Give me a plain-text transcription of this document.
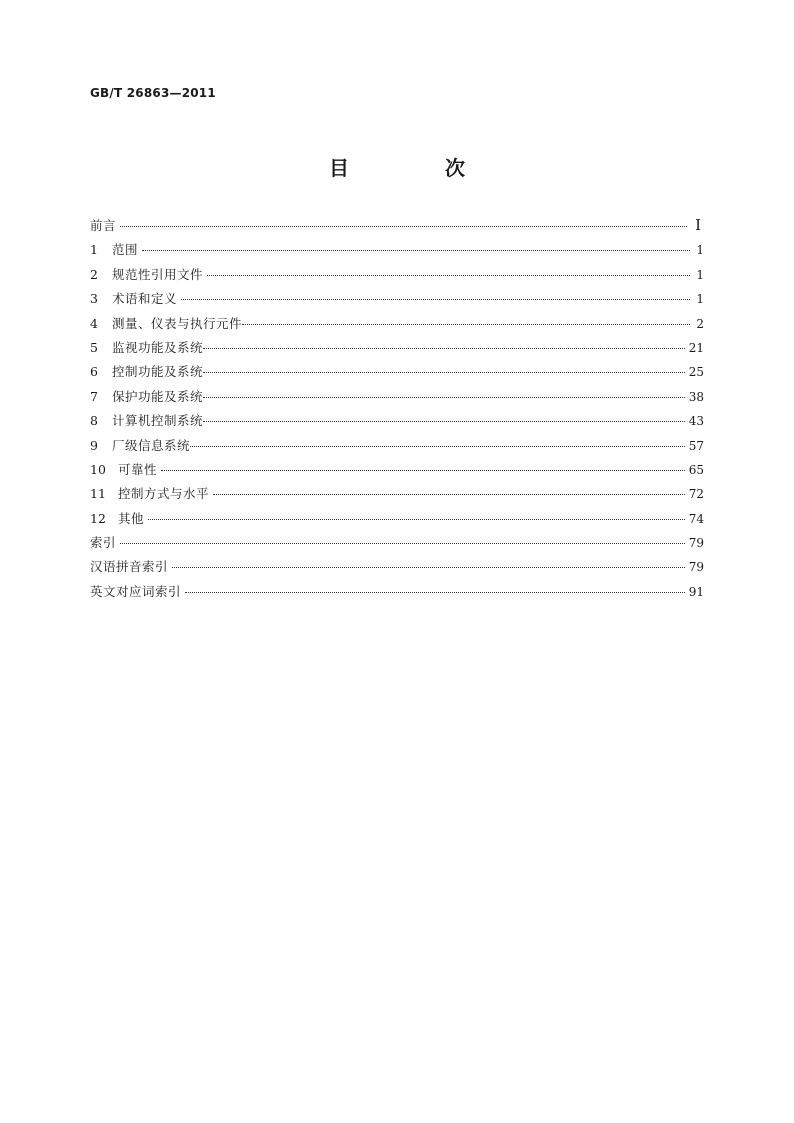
GB/T 26863—2011
目　次
前言	I
1	范围	1
2	规范性引用文件	1
3	术语和定义	1
4	测量、仪表与执行元件	2
5	监视功能及系统	21
6	控制功能及系统	25
7	保护功能及系统	38
8	计算机控制系统	43
9	厂级信息系统	57
10 可靠性	65
11 控制方式与水平	72
12 其他	74
索引	79
汉语拼音索引	79
英文对应词索引	91
